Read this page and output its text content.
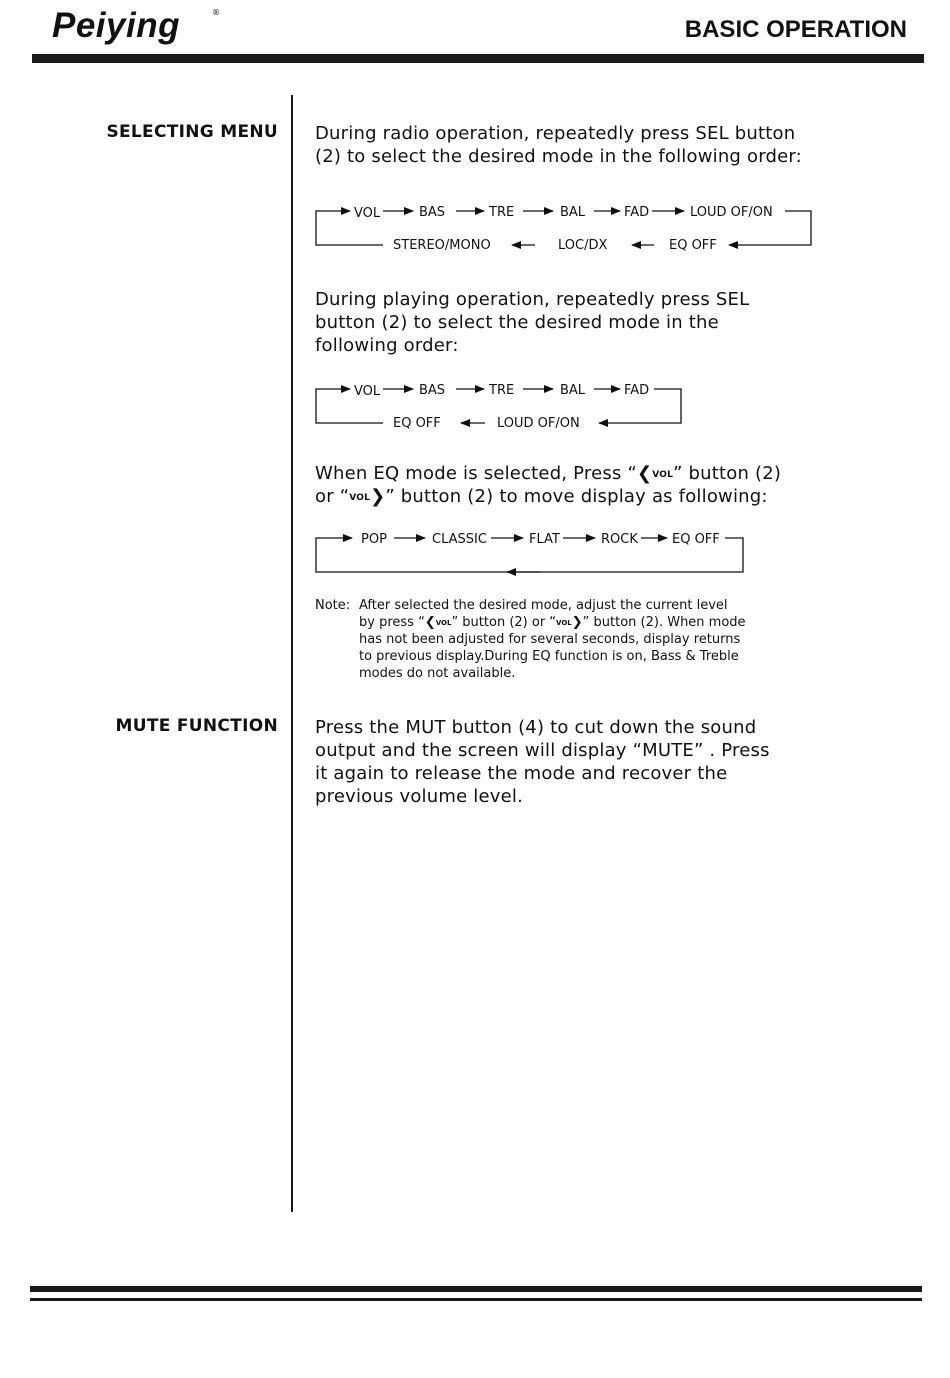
Peiying	®
BASIC OPERATION
SELECTING MENU During radio operation, repeatedly press SEL button
(2) to select the desired mode in the following order:
VOL	BAS	TRE	BAL	FAD	LOUD OF/ON
STEREO/MONO	LOC/DX	EQ OFF
VOL	BAS	TRE	BAL	FAD
EQ OFF	LOUD OF/ON
POP	CLASSIC	FLAT	ROCK	EQ OFF
During playing operation, repeatedly press SEL
button (2) to select the desired mode in the
following order:
When EQ mode is selected, Press “❮VOL” button (2)
or “VOL❯” button (2) to move display as following:
Note: After selected the desired mode, adjust the current level
by press “❮VOL” button (2) or “VOL❯” button (2). When mode
has not been adjusted for several seconds, display returns
to previous display.During EQ function is on, Bass & Treble
modes do not available.
MUTE FUNCTION Press the MUT button (4) to cut down the sound
output and the screen will display “MUTE” . Press
it again to release the mode and recover the
previous volume level.
